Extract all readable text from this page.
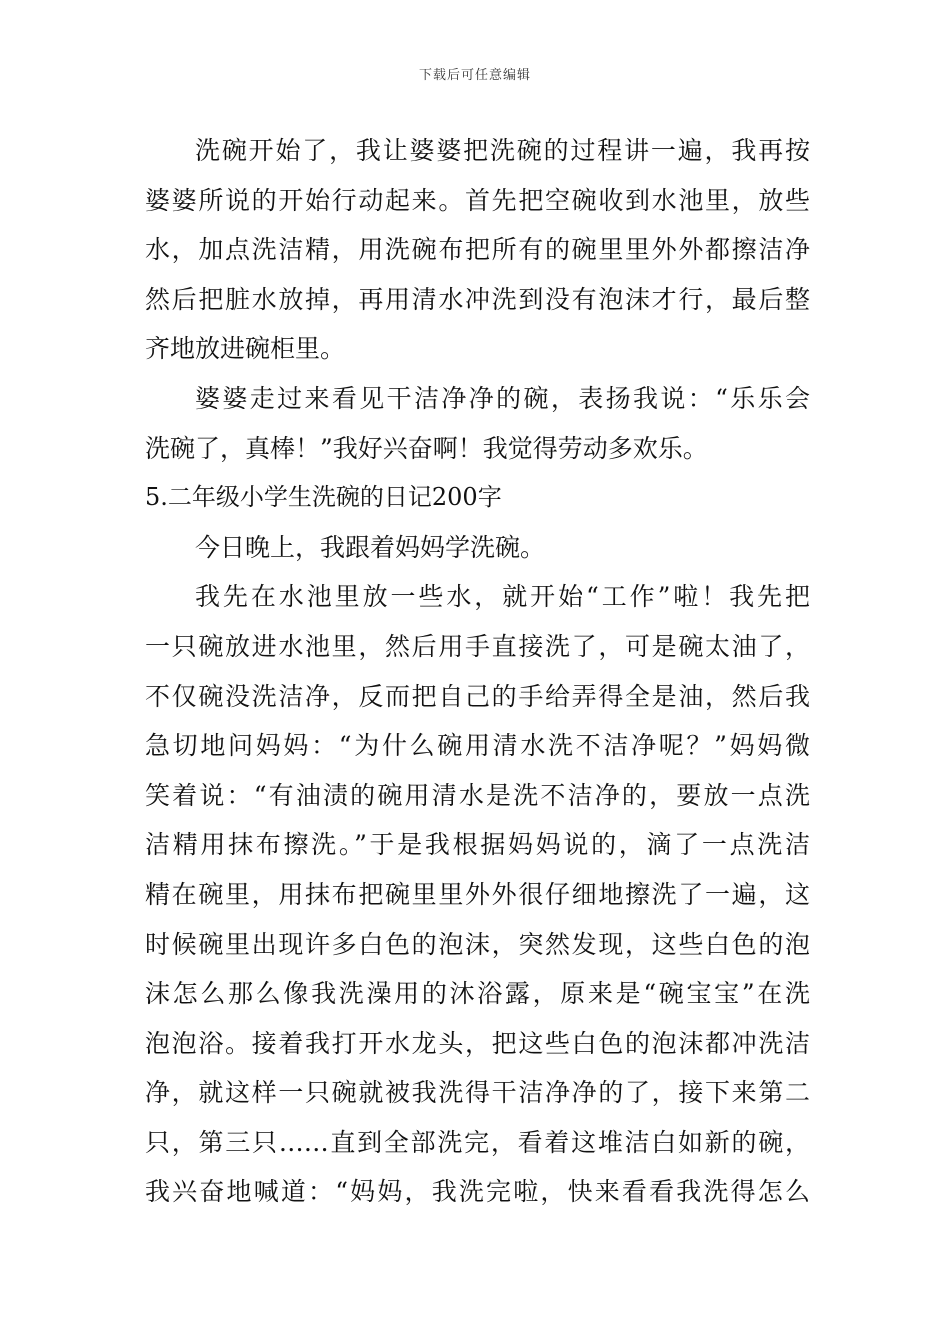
下载后可任意编辑
洗碗开始了，我让婆婆把洗碗的过程讲一遍，我再按
婆婆所说的开始行动起来。首先把空碗收到水池里，放些
水，加点洗洁精，用洗碗布把所有的碗里里外外都擦洁净
然后把脏水放掉，再用清水冲洗到没有泡沫才行，最后整
齐地放进碗柜里。
婆婆走过来看见干洁净净的碗，表扬我说：“乐乐会
洗碗了，真棒！”我好兴奋啊！我觉得劳动多欢乐。
5.二年级小学生洗碗的日记200字
今日晚上，我跟着妈妈学洗碗。
我先在水池里放一些水，就开始“工作”啦！我先把
一只碗放进水池里，然后用手直接洗了，可是碗太油了，
不仅碗没洗洁净，反而把自己的手给弄得全是油，然后我
急切地问妈妈：“为什么碗用清水洗不洁净呢？”妈妈微
笑着说：“有油渍的碗用清水是洗不洁净的，要放一点洗
洁精用抹布擦洗。”于是我根据妈妈说的，滴了一点洗洁
精在碗里，用抹布把碗里里外外很仔细地擦洗了一遍，这
时候碗里出现许多白色的泡沫，突然发现，这些白色的泡
沫怎么那么像我洗澡用的沐浴露，原来是“碗宝宝”在洗
泡泡浴。接着我打开水龙头，把这些白色的泡沫都冲洗洁
净，就这样一只碗就被我洗得干洁净净的了，接下来第二
只，第三只……直到全部洗完，看着这堆洁白如新的碗，
我兴奋地喊道：“妈妈，我洗完啦，快来看看我洗得怎么
